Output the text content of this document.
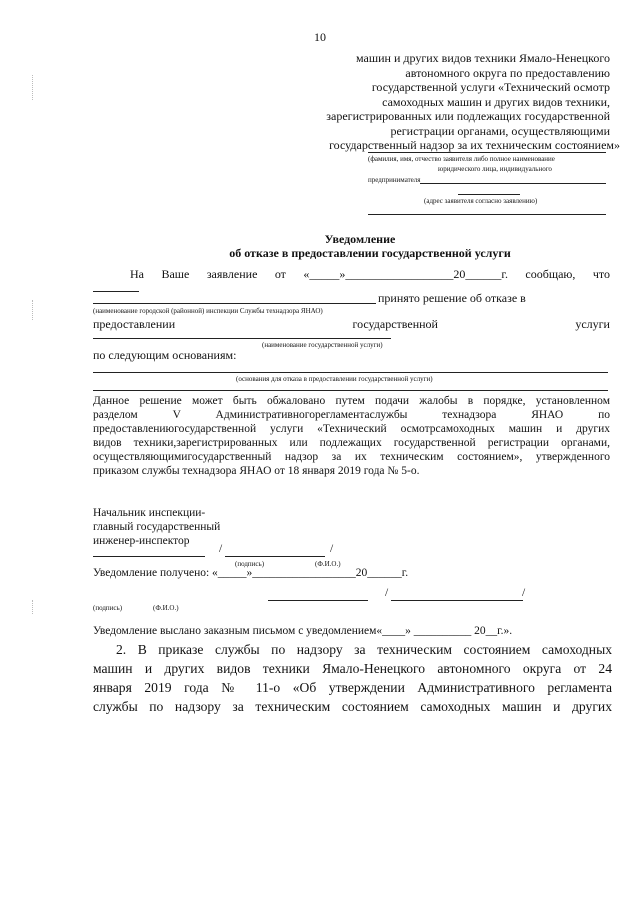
10
машин и других видов техники Ямало-Ненецкого
автономного округа по предоставлению
государственной услуги «Технический осмотр
самоходных машин и других видов техники,
зарегистрированных или подлежащих государственной
регистрации органами, осуществляющими
государственный надзор за их техническим состоянием»
(фамилия, имя, отчество заявителя либо полное наименование
юридического лица, индивидуального
предпринимателя
(адрес заявителя согласно заявлению)
Уведомление
об отказе в предоставлении государственной услуги
На Ваше заявление от «_____»__________________20______г. сообщаю, что
принято решение об отказе в
(наименование городской (районной) инспекции Службы технадзора ЯНАО)
предоставлении	государственной	услуги
(наименование государственной услуги)
по следующим основаниям:
(основания для отказа в предоставлении государственной услуги)
Данное решение может быть обжаловано путем подачи жалобы в порядке, установленном
разделом V Административногорегламентаслужбы технадзора ЯНАО по
предоставлениюгосударственной услуги «Технический осмотрсамоходных машин и других
видов техники,зарегистрированных или подлежащих государственной регистрации органами,
осуществляющимигосударственный надзор за их техническим состоянием», утвержденного
приказом службы технадзора ЯНАО от 18 января 2019 года № 5-о.
Начальник инспекции-
главный государственный
инженер-инспектор
/	/
(подпись)	(Ф.И.О.)
Уведомление получено: «_____»__________________20______г.
/	/
(подпись)	(Ф.И.О.)
Уведомление выслано заказным письмом с уведомлением«____» __________ 20__г.».
2. В приказе службы по надзору за техническим состоянием самоходных
машин и других видов техники Ямало-Ненецкого автономного округа от 24
января 2019 года № 11-о «Об утверждении Административного регламента
службы по надзору за техническим состоянием самоходных машин и других
